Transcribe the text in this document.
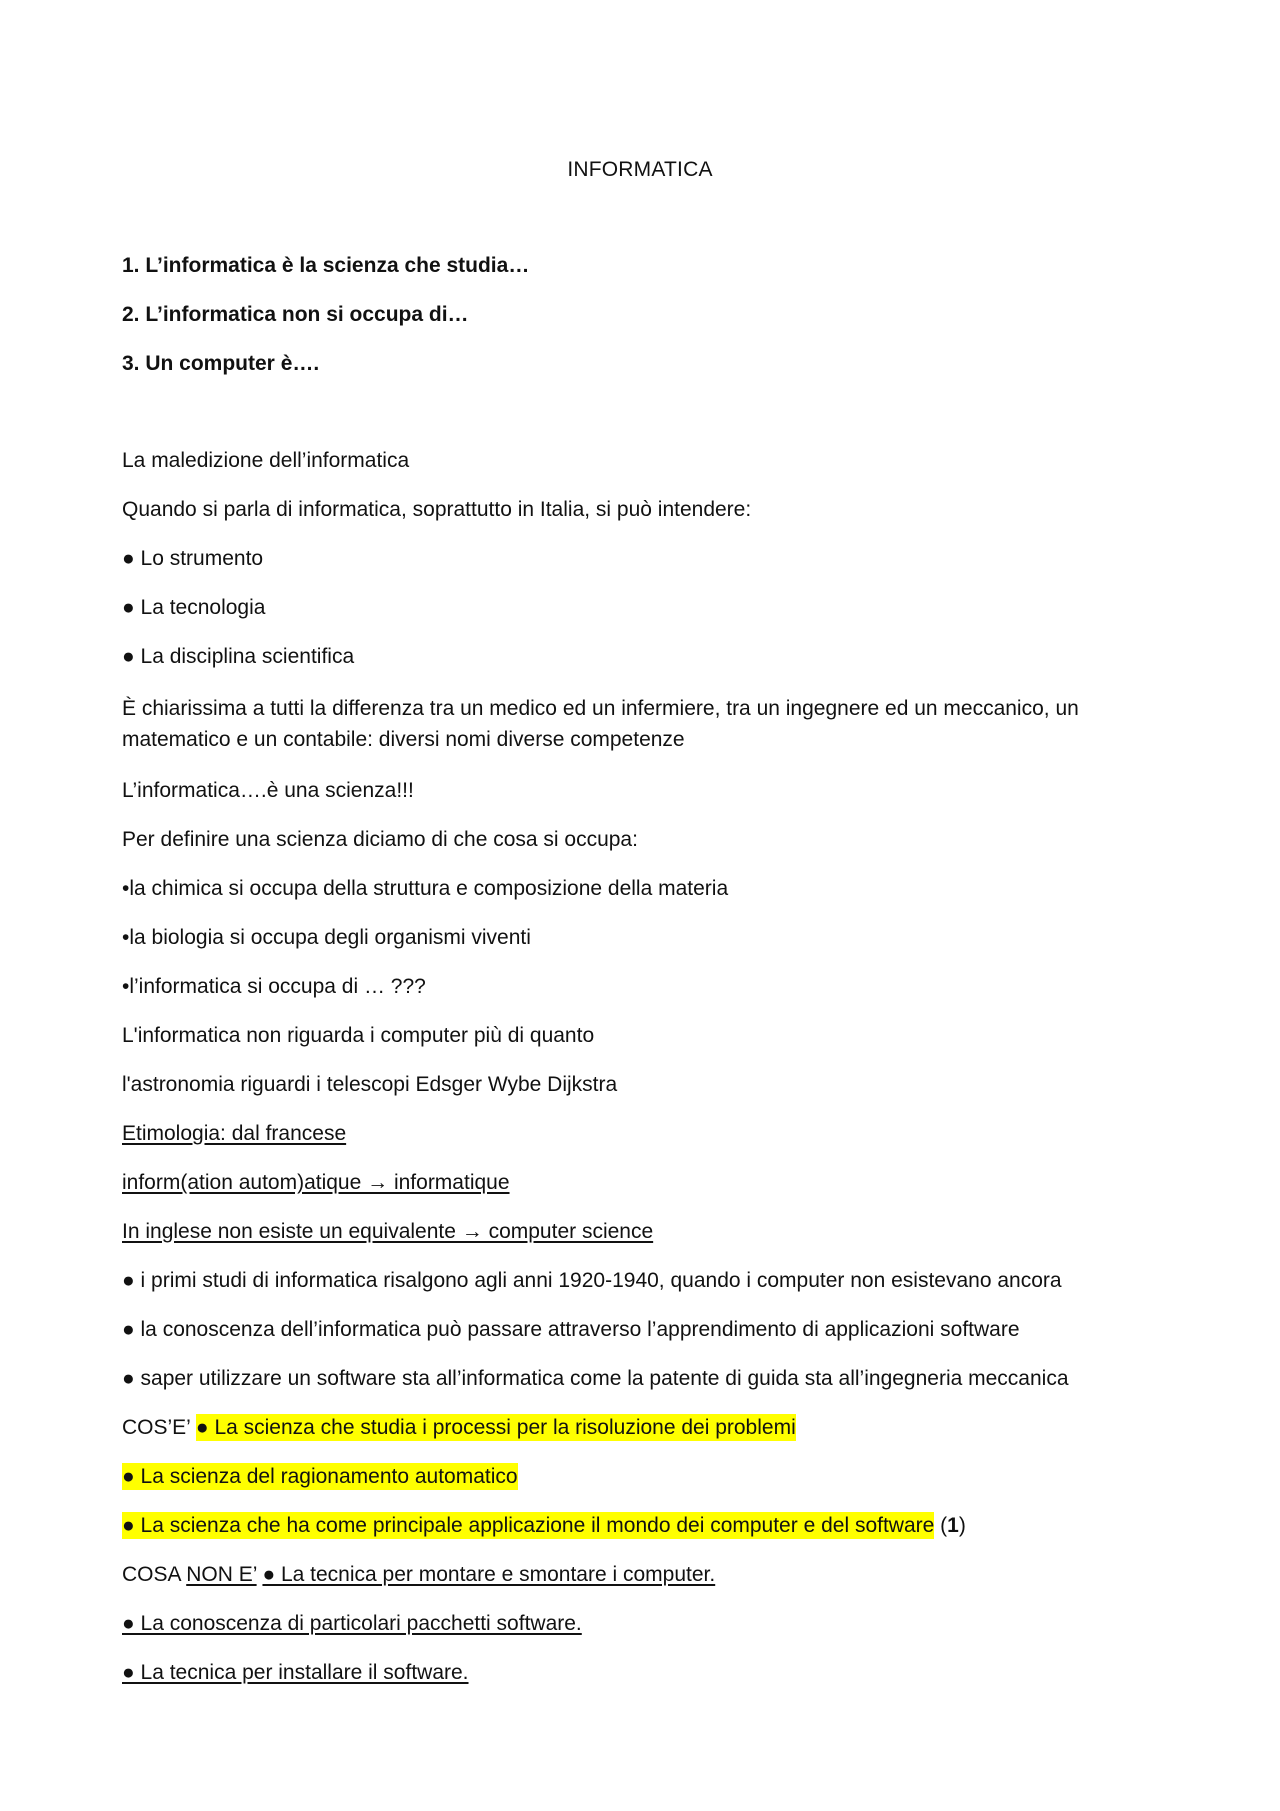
INFORMATICA

1. L’informatica è la scienza che studia…

2. L’informatica non si occupa di…

3. Un computer è….

La maledizione dell’informatica

Quando si parla di informatica, soprattutto in Italia, si può intendere:

● Lo strumento

● La tecnologia

● La disciplina scientifica

È chiarissima a tutti la differenza tra un medico ed un infermiere, tra un ingegnere ed un meccanico, un matematico e un contabile: diversi nomi diverse competenze

L’informatica….è una scienza!!!

Per definire una scienza diciamo di che cosa si occupa:

•la chimica si occupa della struttura e composizione della materia

•la biologia si occupa degli organismi viventi

•l’informatica si occupa di … ???

L'informatica non riguarda i computer più di quanto

l'astronomia riguardi i telescopi Edsger Wybe Dijkstra

Etimologia: dal francese

inform(ation autom)atique → informatique

In inglese non esiste un equivalente → computer science

● i primi studi di informatica risalgono agli anni 1920-1940, quando i computer non esistevano ancora

● la conoscenza dell’informatica può passare attraverso l’apprendimento di applicazioni software

● saper utilizzare un software sta all’informatica come la patente di guida sta all’ingegneria meccanica

COS’E’ ● La scienza che studia i processi per la risoluzione dei problemi

● La scienza del ragionamento automatico

● La scienza che ha come principale applicazione il mondo dei computer e del software (1)

COSA NON E’ ● La tecnica per montare e smontare i computer.

● La conoscenza di particolari pacchetti software.

● La tecnica per installare il software.
